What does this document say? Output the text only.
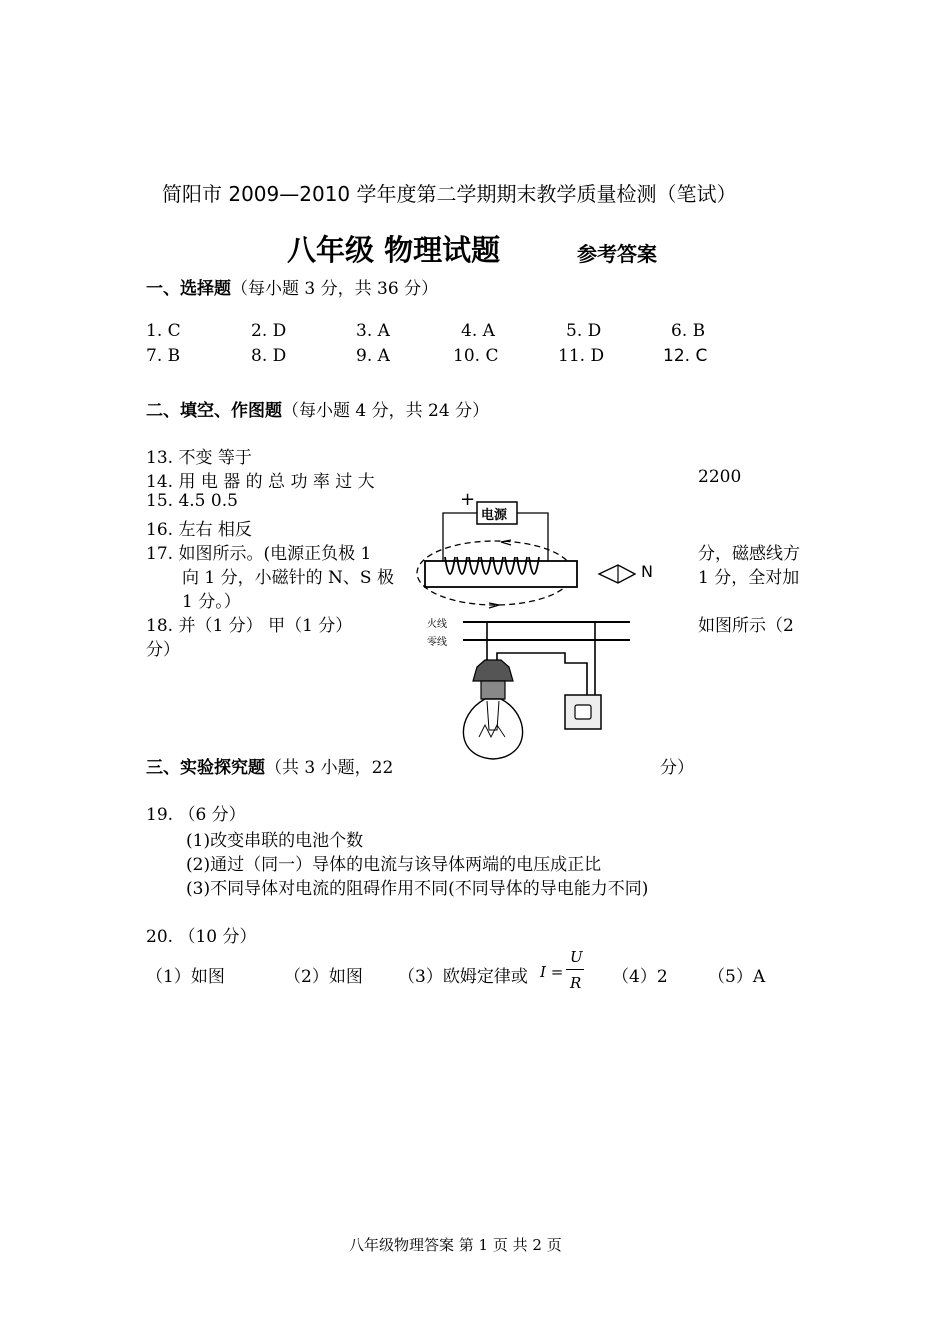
简阳市 2009—2010 学年度第二学期期末教学质量检测（笔试）
八年级 物理试题	参考答案
一、选择题（每小题 3 分，共 36 分）
1. C	2. D	3. A	4. A	5. D	6. B
7. B	8. D	9. A	10. C	11. D	12. C
二、填空、作图题（每小题 4 分，共 24 分）
13. 不变 等于
14. 用 电 器 的 总 功 率 过 大	2200
15. 4.5 0.5
16. 左右 相反
17. 如图所示。(电源正负极 1	分，磁感线方
向 1 分，小磁针的 N、S 极	1 分，全对加
1 分。）
18. 并（1 分） 甲（1 分）	如图所示（2
分）
+
电源
N
火线
零线
三、实验探究题（共 3 小题，22	分）
19. （6 分）
(1)改变串联的电池个数
(2)通过（同一）导体的电流与该导体两端的电压成正比
(3)不同导体对电流的阻碍作用不同(不同导体的导电能力不同)
20. （10 分）
（1）如图	（2）如图 （3）欧姆定律或 I =
U
R （4）2 （5）A
八年级物理答案 第 1 页 共 2 页
